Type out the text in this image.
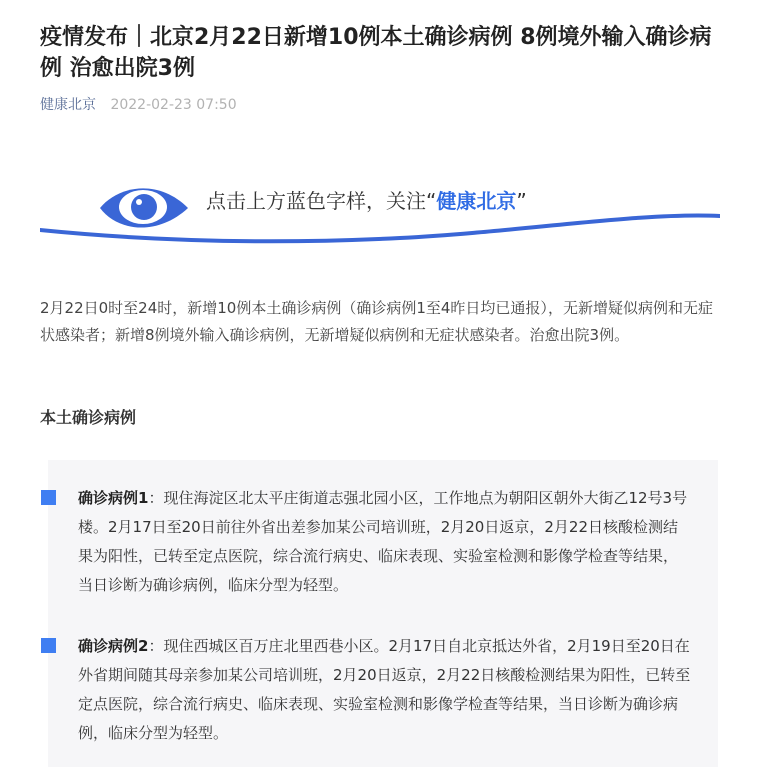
疫情发布｜北京2月22日新增10例本土确诊病例 8例境外输入确诊病例 治愈出院3例
健康北京 2022-02-23 07:50
点击上方蓝色字样，关注“健康北京”

2月22日0时至24时，新增10例本土确诊病例（确诊病例1至4昨日均已通报），无新增疑似病例和无症状感染者；新增8例境外输入确诊病例，无新增疑似病例和无症状感染者。治愈出院3例。

本土确诊病例

确诊病例1：现住海淀区北太平庄街道志强北园小区，工作地点为朝阳区朝外大街乙12号3号楼。2月17日至20日前往外省出差参加某公司培训班，2月20日返京，2月22日核酸检测结果为阳性，已转至定点医院，综合流行病史、临床表现、实验室检测和影像学检查等结果，当日诊断为确诊病例，临床分型为轻型。

确诊病例2：现住西城区百万庄北里西巷小区。2月17日自北京抵达外省，2月19日至20日在外省期间随其母亲参加某公司培训班，2月20日返京，2月22日核酸检测结果为阳性，已转至定点医院，综合流行病史、临床表现、实验室检测和影像学检查等结果，当日诊断为确诊病例，临床分型为轻型。
